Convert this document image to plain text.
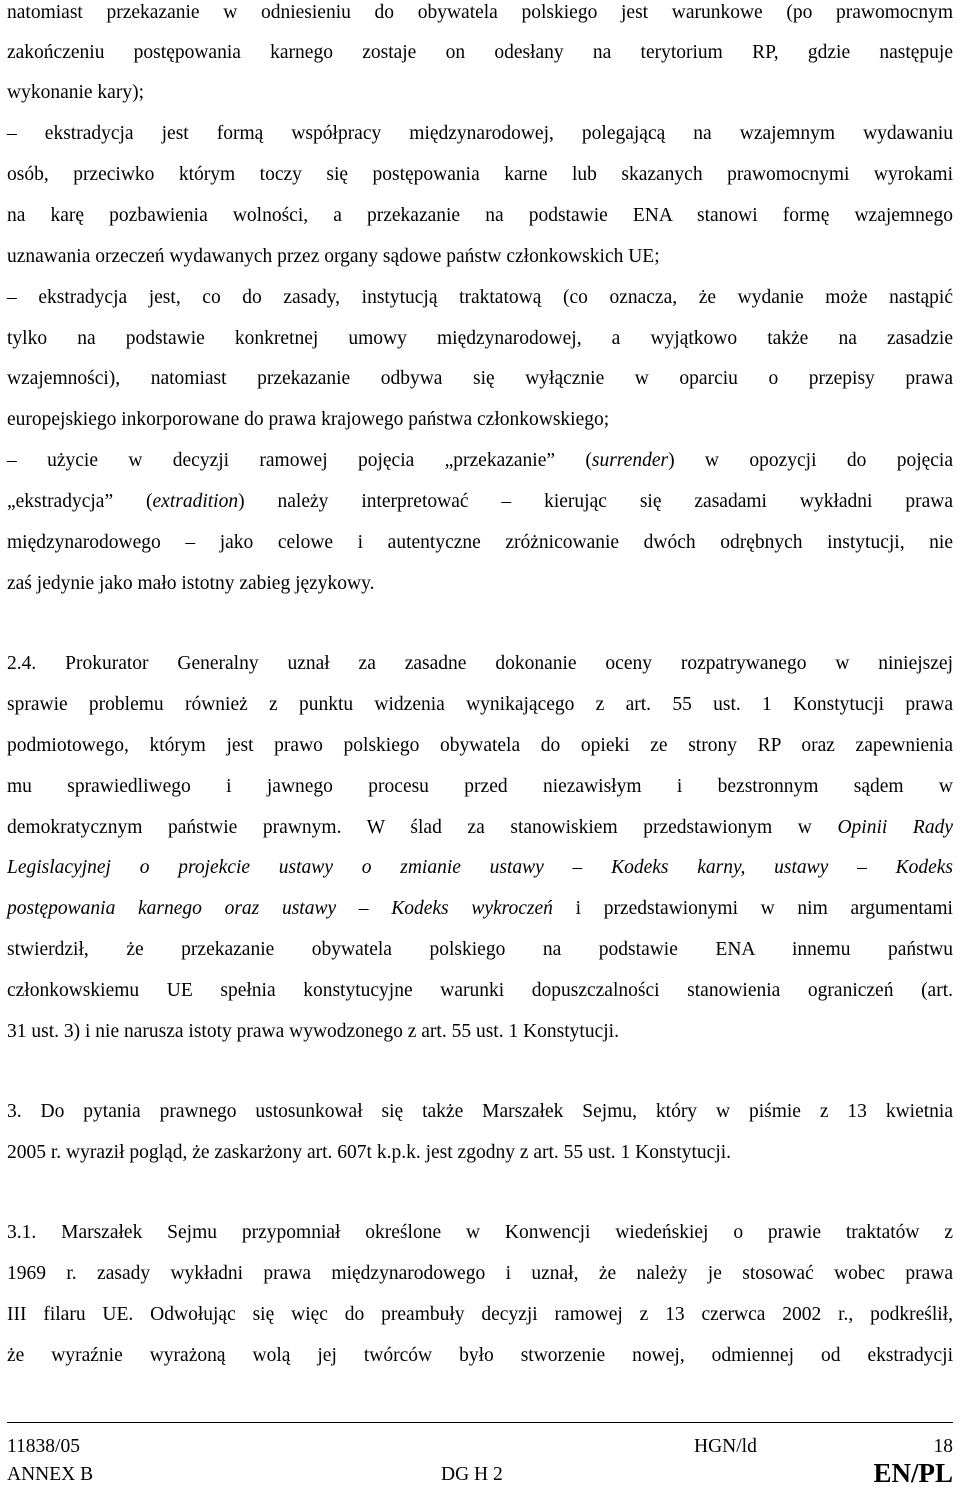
natomiast przekazanie w odniesieniu do obywatela polskiego jest warunkowe (po prawomocnym
zakończeniu postępowania karnego zostaje on odesłany na terytorium RP, gdzie następuje
wykonanie kary);
– ekstradycja jest formą współpracy międzynarodowej, polegającą na wzajemnym wydawaniu
osób, przeciwko którym toczy się postępowania karne lub skazanych prawomocnymi wyrokami
na karę pozbawienia wolności, a przekazanie na podstawie ENA stanowi formę wzajemnego
uznawania orzeczeń wydawanych przez organy sądowe państw członkowskich UE;
– ekstradycja jest, co do zasady, instytucją traktatową (co oznacza, że wydanie może nastąpić
tylko na podstawie konkretnej umowy międzynarodowej, a wyjątkowo także na zasadzie
wzajemności), natomiast przekazanie odbywa się wyłącznie w oparciu o przepisy prawa
europejskiego inkorporowane do prawa krajowego państwa członkowskiego;
– użycie w decyzji ramowej pojęcia „przekazanie” (surrender) w opozycji do pojęcia
„ekstradycja” (extradition) należy interpretować – kierując się zasadami wykładni prawa
międzynarodowego – jako celowe i autentyczne zróżnicowanie dwóch odrębnych instytucji, nie
zaś jedynie jako mało istotny zabieg językowy.
2.4. Prokurator Generalny uznał za zasadne dokonanie oceny rozpatrywanego w niniejszej
sprawie problemu również z punktu widzenia wynikającego z art. 55 ust. 1 Konstytucji prawa
podmiotowego, którym jest prawo polskiego obywatela do opieki ze strony RP oraz zapewnienia
mu sprawiedliwego i jawnego procesu przed niezawisłym i bezstronnym sądem w
demokratycznym państwie prawnym. W ślad za stanowiskiem przedstawionym w Opinii Rady
Legislacyjnej o projekcie ustawy o zmianie ustawy – Kodeks karny, ustawy – Kodeks
postępowania karnego oraz ustawy – Kodeks wykroczeń i przedstawionymi w nim argumentami
stwierdził, że przekazanie obywatela polskiego na podstawie ENA innemu państwu
członkowskiemu UE spełnia konstytucyjne warunki dopuszczalności stanowienia ograniczeń (art.
31 ust. 3) i nie narusza istoty prawa wywodzonego z art. 55 ust. 1 Konstytucji.
3. Do pytania prawnego ustosunkował się także Marszałek Sejmu, który w piśmie z 13 kwietnia
2005 r. wyraził pogląd, że zaskarżony art. 607t k.p.k. jest zgodny z art. 55 ust. 1 Konstytucji.
3.1. Marszałek Sejmu przypomniał określone w Konwencji wiedeńskiej o prawie traktatów z
1969 r. zasady wykładni prawa międzynarodowego i uznał, że należy je stosować wobec prawa
III filaru UE. Odwołując się więc do preambuły decyzji ramowej z 13 czerwca 2002 r., podkreślił,
że wyraźnie wyrażoną wolą jej twórców było stworzenie nowej, odmiennej od ekstradycji
11838/05	HGN/ld	18
ANNEX B	DG H 2	EN/PL
